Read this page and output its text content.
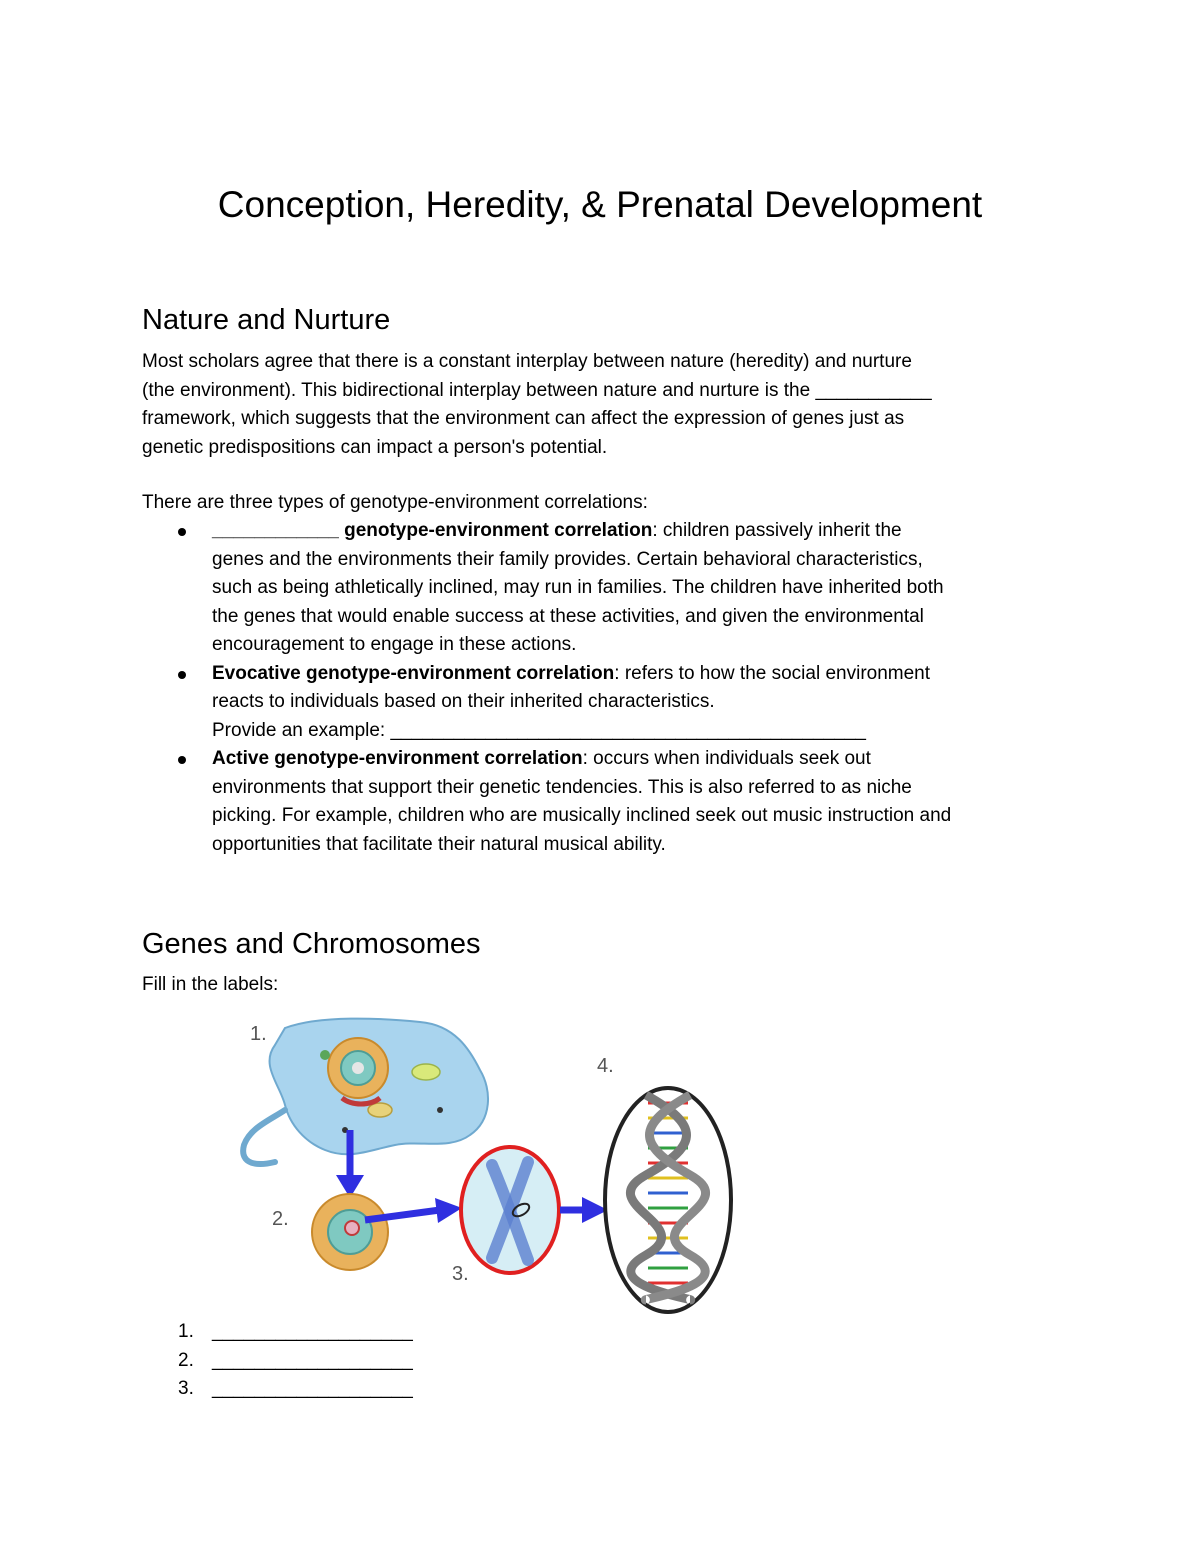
Conception, Heredity, & Prenatal Development
Nature and Nurture
Most scholars agree that there is a constant interplay between nature (heredity) and nurture
(the environment). This bidirectional interplay between nature and nurture is the ___________
framework, which suggests that the environment can affect the expression of genes just as
genetic predispositions can impact a person's potential.
There are three types of genotype-environment correlations:
____________ genotype-environment correlation: children passively inherit the
genes and the environments their family provides. Certain behavioral characteristics,
such as being athletically inclined, may run in families. The children have inherited both
the genes that would enable success at these activities, and given the environmental
encouragement to engage in these actions.
Evocative genotype-environment correlation: refers to how the social environment
reacts to individuals based on their inherited characteristics.
Provide an example: _____________________________________________
Active genotype-environment correlation: occurs when individuals seek out
environments that support their genetic tendencies. This is also referred to as niche
picking. For example, children who are musically inclined seek out music instruction and
opportunities that facilitate their natural musical ability.
Genes and Chromosomes
Fill in the labels:
1.
2.
3.
4.
1. ___________________
2. ___________________
3. ___________________
